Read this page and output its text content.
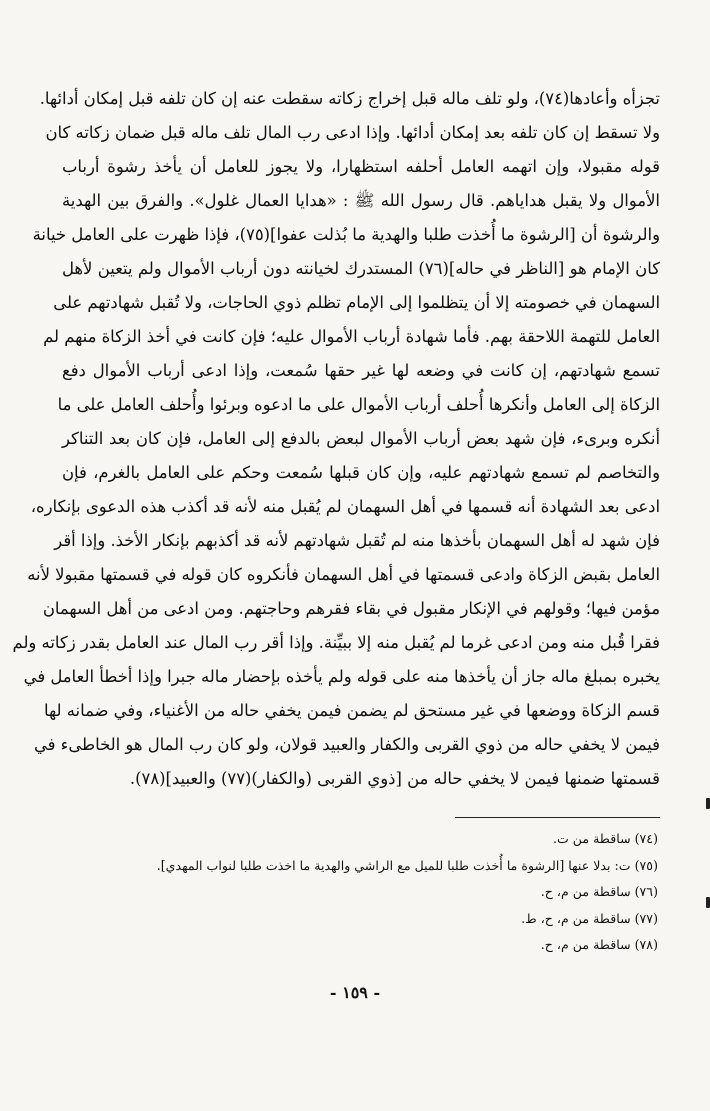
تجزأه وأعادها(٧٤)، ولو تلف ماله قبل إخراج زكاته سقطت عنه إن كان تلفه قبل إمكان أدائها.
ولا تسقط إن كان تلفه بعد إمكان أدائها. وإذا ادعى رب المال تلف ماله قبل ضمان زكاته كان
قوله مقبولا، وإن اتهمه العامل أحلفه استظهارا، ولا يجوز للعامل أن يأخذ رشوة أرباب
الأموال ولا يقبل هداياهم. قال رسول الله ﷺ : «هدايا العمال غلول». والفرق بين الهدية
والرشوة أن [الرشوة ما أُخذت طلبا والهدية ما بُذلت عفوا](٧٥)، فإذا ظهرت على العامل خيانة
كان الإمام هو [الناظر في حاله](٧٦) المستدرك لخيانته دون أرباب الأموال ولم يتعين لأهل
السهمان في خصومته إلا أن يتظلموا إلى الإمام تظلم ذوي الحاجات، ولا تُقبل شهادتهم على
العامل للتهمة اللاحقة بهم. فأما شهادة أرباب الأموال عليه؛ فإن كانت في أخذ الزكاة منهم لم
تسمع شهادتهم، إن كانت في وضعه لها غير حقها سُمعت، وإذا ادعى أرباب الأموال دفع
الزكاة إلى العامل وأنكرها أُحلف أرباب الأموال على ما ادعوه وبرئوا وأُحلف العامل على ما
أنكره وبرىء، فإن شهد بعض أرباب الأموال لبعض بالدفع إلى العامل، فإن كان بعد التناكر
والتخاصم لم تسمع شهادتهم عليه، وإن كان قبلها سُمعت وحكم على العامل بالغرم، فإن
ادعى بعد الشهادة أنه قسمها في أهل السهمان لم يُقبل منه لأنه قد أكذب هذه الدعوى بإنكاره،
فإن شهد له أهل السهمان بأخذها منه لم تُقبل شهادتهم لأنه قد أكذبهم بإنكار الأخذ. وإذا أقر
العامل بقبض الزكاة وادعى قسمتها في أهل السهمان فأنكروه كان قوله في قسمتها مقبولا لأنه
مؤمن فيها؛ وقولهم في الإنكار مقبول في بقاء فقرهم وحاجتهم. ومن ادعى من أهل السهمان
فقرا قُبل منه ومن ادعى غرما لم يُقبل منه إلا ببيِّنة. وإذا أقر رب المال عند العامل بقدر زكاته ولم
يخبره بمبلغ ماله جاز أن يأخذها منه على قوله ولم يأخذه بإحضار ماله جبرا وإذا أخطأ العامل في
قسم الزكاة ووضعها في غير مستحق لم يضمن فيمن يخفي حاله من الأغنياء، وفي ضمانه لها
فيمن لا يخفي حاله من ذوي القربى والكفار والعبيد قولان، ولو كان رب المال هو الخاطىء في
قسمتها ضمنها فيمن لا يخفي حاله من [ذوي القربى (والكفار)(٧٧) والعبيد](٧٨).
(٧٤) ساقطة من ت.
(٧٥) ت: بدلا عنها [الرشوة ما أُخذت طلبا للميل مع الراشي والهدية ما اخذت طلبا لنواب المهدي].
(٧٦) ساقطة من م، ح.
(٧٧) ساقطة من م، ح، ط.
(٧٨) ساقطة من م، ح.
- ١٥٩ -
